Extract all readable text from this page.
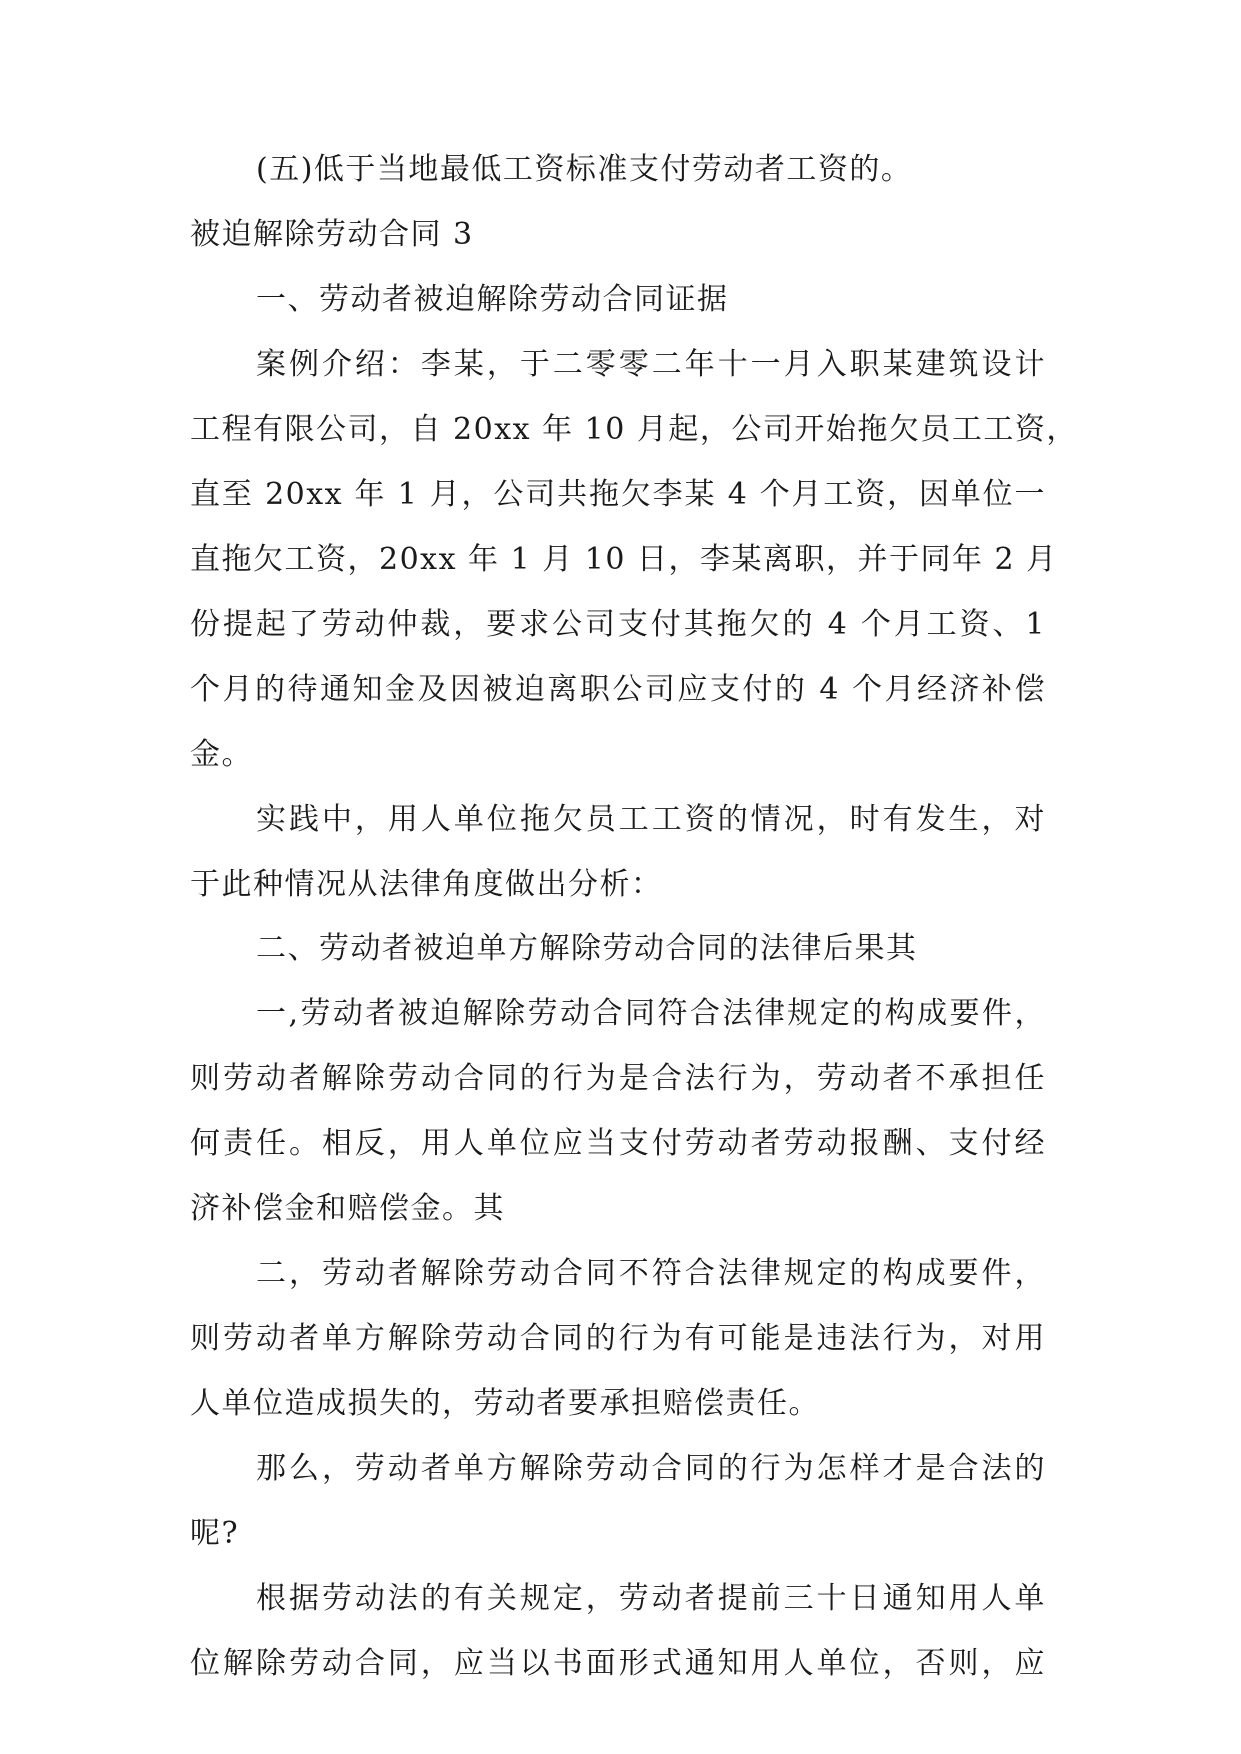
(五)低于当地最低工资标准支付劳动者工资的。
被迫解除劳动合同 3
一、劳动者被迫解除劳动合同证据
案例介绍：李某，于二零零二年十一月入职某建筑设计
工程有限公司，自 20xx 年 10 月起，公司开始拖欠员工工资，
直至 20xx 年 1 月，公司共拖欠李某 4 个月工资，因单位一
直拖欠工资，20xx 年 1 月 10 日，李某离职，并于同年 2 月
份提起了劳动仲裁，要求公司支付其拖欠的 4 个月工资、1
个月的待通知金及因被迫离职公司应支付的 4 个月经济补偿
金。
实践中，用人单位拖欠员工工资的情况，时有发生，对
于此种情况从法律角度做出分析：
二、劳动者被迫单方解除劳动合同的法律后果其
一,劳动者被迫解除劳动合同符合法律规定的构成要件，
则劳动者解除劳动合同的行为是合法行为，劳动者不承担任
何责任。相反，用人单位应当支付劳动者劳动报酬、支付经
济补偿金和赔偿金。其
二，劳动者解除劳动合同不符合法律规定的构成要件，
则劳动者单方解除劳动合同的行为有可能是违法行为，对用
人单位造成损失的，劳动者要承担赔偿责任。
那么，劳动者单方解除劳动合同的行为怎样才是合法的
呢?
根据劳动法的有关规定，劳动者提前三十日通知用人单
位解除劳动合同，应当以书面形式通知用人单位，否则，应
